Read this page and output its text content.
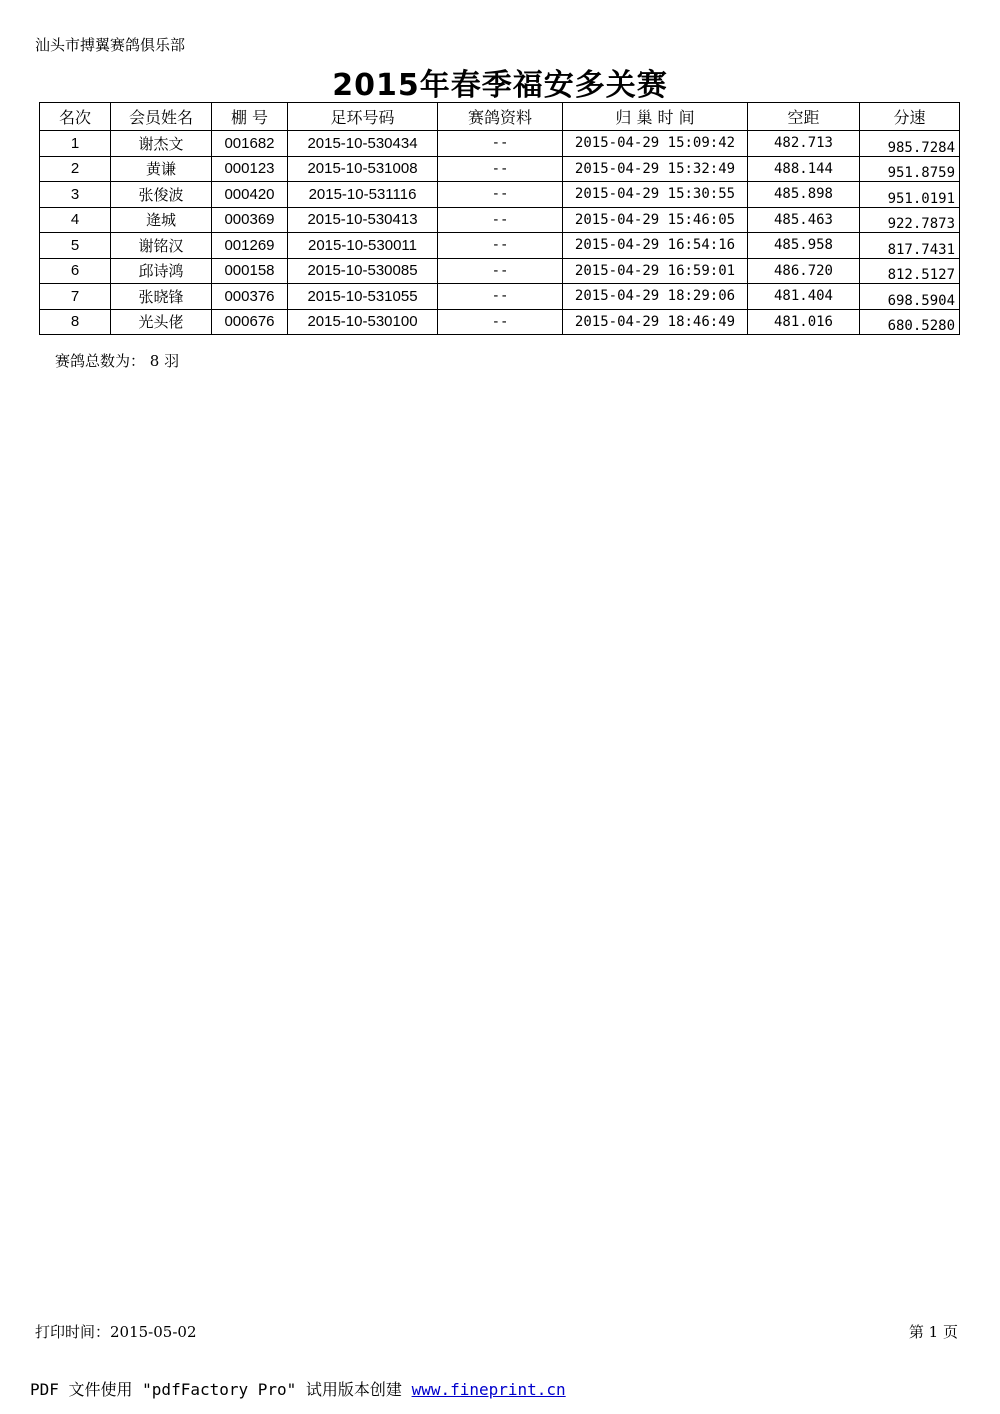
汕头市搏翼赛鸽俱乐部
2015年春季福安多关赛
名次	会员姓名	棚 号	足环号码	赛鸽资料	归 巢 时 间	空距	分速
1	谢杰文	001682	2015-10-530434	--	2015-04-29 15:09:42	482.713	985.7284
2	黄谦	000123	2015-10-531008	--	2015-04-29 15:32:49	488.144	951.8759
3	张俊波	000420	2015-10-531116	--	2015-04-29 15:30:55	485.898	951.0191
4	逄城	000369	2015-10-530413	--	2015-04-29 15:46:05	485.463	922.7873
5	谢铭汉	001269	2015-10-530011	--	2015-04-29 16:54:16	485.958	817.7431
6	邱诗鸿	000158	2015-10-530085	--	2015-04-29 16:59:01	486.720	812.5127
7	张晓锋	000376	2015-10-531055	--	2015-04-29 18:29:06	481.404	698.5904
8	光头佬	000676	2015-10-530100	--	2015-04-29 18:46:49	481.016	680.5280
赛鸽总数为： 8 羽
打印时间：2015-05-02	第 1 页
PDF 文件使用 "pdfFactory Pro" 试用版本创建 www.fineprint.cn
